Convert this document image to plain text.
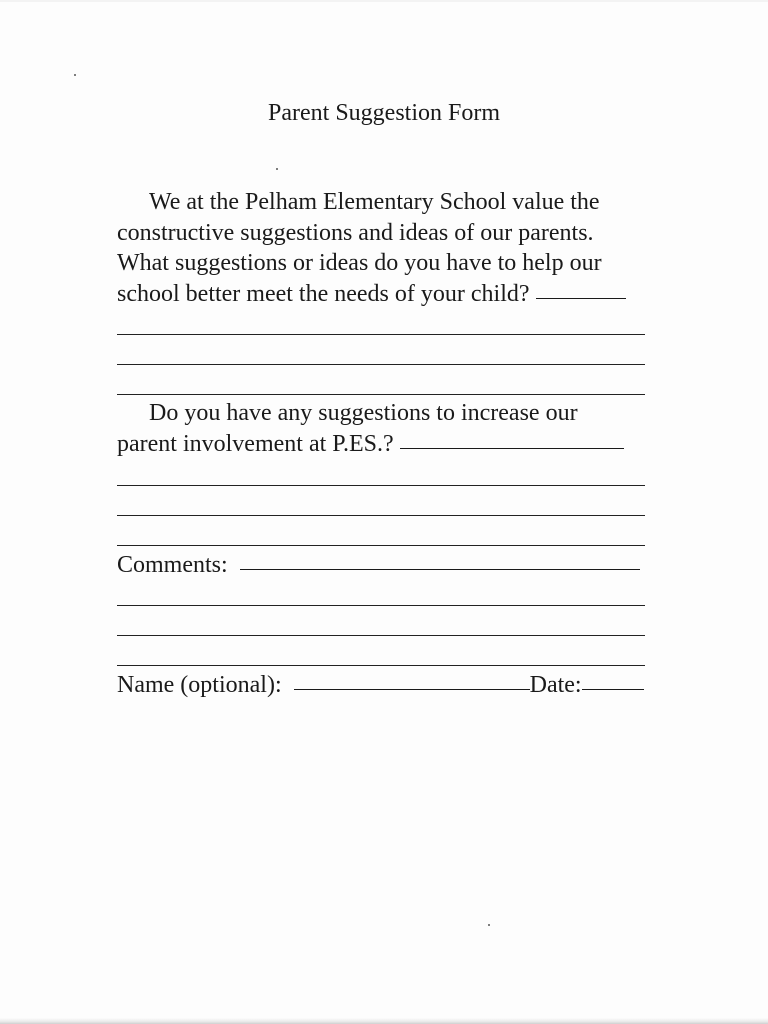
Parent Suggestion Form
We at the Pelham Elementary School value the
constructive suggestions and ideas of our parents.
What suggestions or ideas do you have to help our
school better meet the needs of your child?
Do you have any suggestions to increase our
parent involvement at P.ES.?
Comments:
Name (optional):	Date:
